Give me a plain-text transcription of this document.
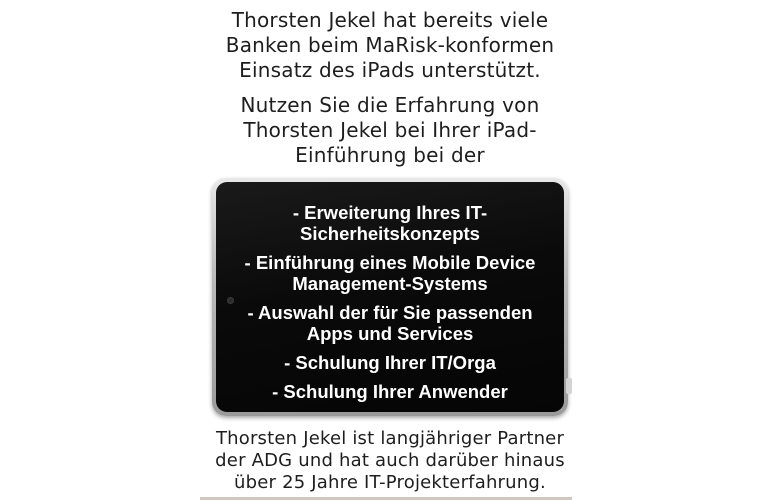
Thorsten Jekel hat bereits viele
Banken beim MaRisk-konformen
Einsatz des iPads unterstützt.

Nutzen Sie die Erfahrung von
Thorsten Jekel bei Ihrer iPad-
Einführung bei der

- Erweiterung Ihres IT-
Sicherheitskonzepts
- Einführung eines Mobile Device
Management-Systems
- Auswahl der für Sie passenden
Apps und Services
- Schulung Ihrer IT/Orga
- Schulung Ihrer Anwender

Thorsten Jekel ist langjähriger Partner
der ADG und hat auch darüber hinaus
über 25 Jahre IT-Projekterfahrung.
